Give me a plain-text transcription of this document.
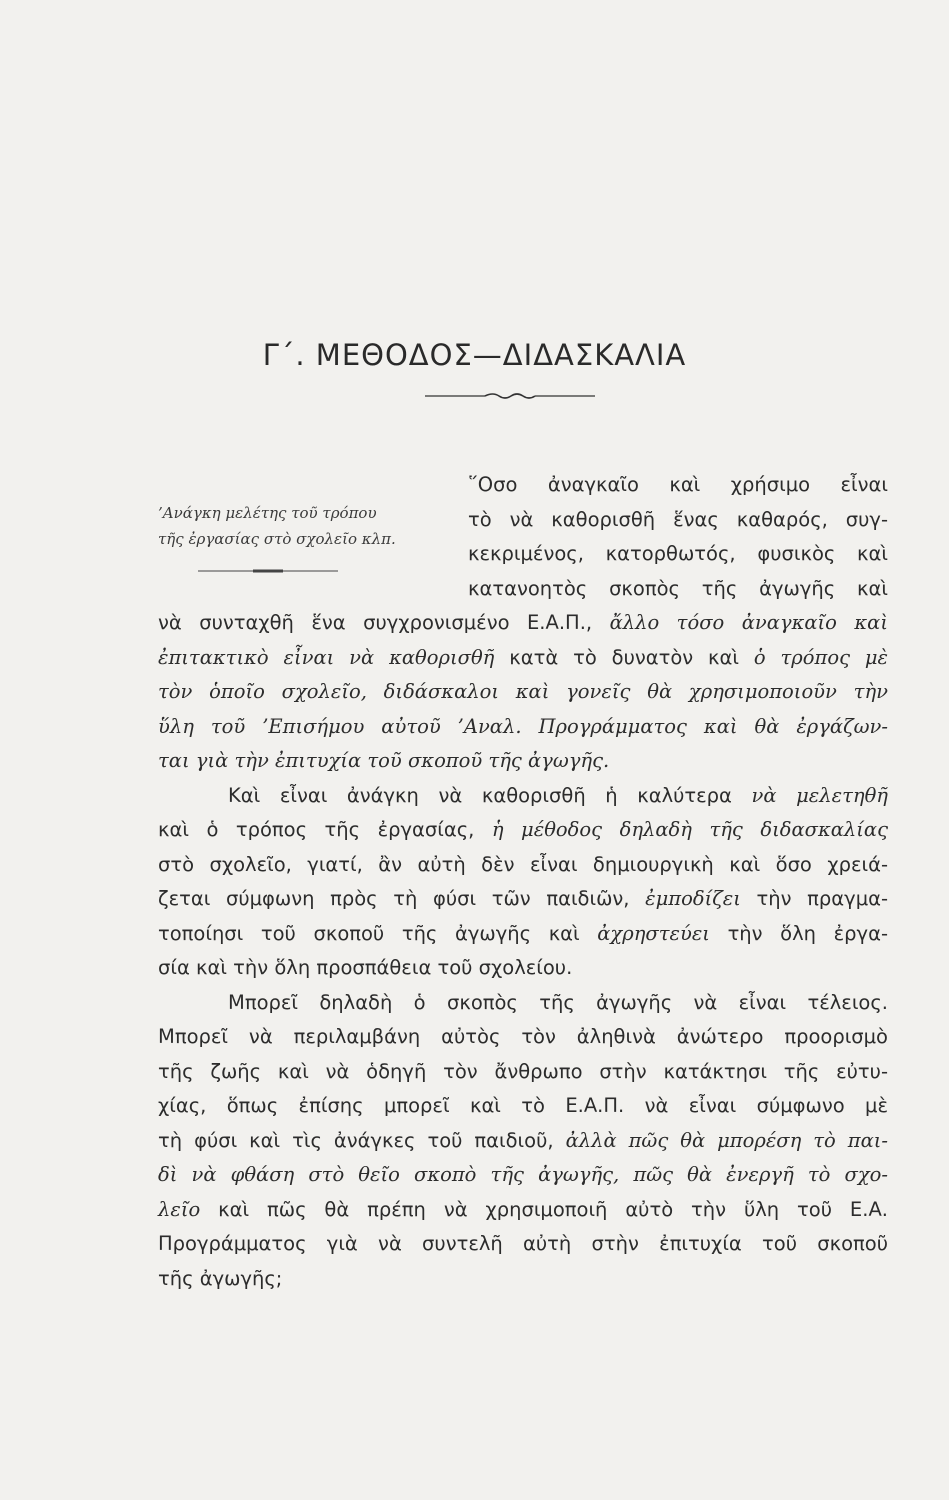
Γ΄. ΜΕΘΟΔΟΣ—ΔΙΔΑΣΚΑΛΙΑ
’Ανάγκη μελέτης τοῦ τρόπου
τῆς ἐργασίας στὸ σχολεῖο κλπ.
῞Οσο ἀναγκαῖο καὶ χρήσιμο εἶναι
τὸ νὰ καθορισθῆ ἕνας καθαρός, συγ-
κεκριμένος, κατορθωτός, φυσικὸς καὶ
κατανοητὸς σκοπὸς τῆς ἀγωγῆς καὶ
νὰ συνταχθῆ ἕνα συγχρονισμένο Ε.Α.Π., ἄλλο τόσο ἀναγκαῖο καὶ
ἐπιτακτικὸ εἶναι νὰ καθορισθῆ κατὰ τὸ δυνατὸν καὶ ὁ τρόπος μὲ
τὸν ὁποῖο σχολεῖο, διδάσκαλοι καὶ γονεῖς θὰ χρησιμοποιοῦν τὴν
ὕλη τοῦ ’Επισήμου αὐτοῦ ’Αναλ. Προγράμματος καὶ θὰ ἐργάζων-
ται γιὰ τὴν ἐπιτυχία τοῦ σκοποῦ τῆς ἀγωγῆς.
Καὶ εἶναι ἀνάγκη νὰ καθορισθῆ ἡ καλύτερα νὰ μελετηθῆ
καὶ ὁ τρόπος τῆς ἐργασίας, ἡ μέθοδος δηλαδὴ τῆς διδασκαλίας
στὸ σχολεῖο, γιατί, ἂν αὐτὴ δὲν εἶναι δημιουργικὴ καὶ ὅσο χρειά-
ζεται σύμφωνη πρὸς τὴ φύσι τῶν παιδιῶν, ἐμποδίζει τὴν πραγμα-
τοποίησι τοῦ σκοποῦ τῆς ἀγωγῆς καὶ ἀχρηστεύει τὴν ὅλη ἐργα-
σία καὶ τὴν ὅλη προσπάθεια τοῦ σχολείου.
Μπορεῖ δηλαδὴ ὁ σκοπὸς τῆς ἀγωγῆς νὰ εἶναι τέλειος.
Μπορεῖ νὰ περιλαμβάνη αὐτὸς τὸν ἀληθινὰ ἀνώτερο προορισμὸ
τῆς ζωῆς καὶ νὰ ὁδηγῆ τὸν ἄνθρωπο στὴν κατάκτησι τῆς εὐτυ-
χίας, ὅπως ἐπίσης μπορεῖ καὶ τὸ Ε.Α.Π. νὰ εἶναι σύμφωνο μὲ
τὴ φύσι καὶ τὶς ἀνάγκες τοῦ παιδιοῦ, ἀλλὰ πῶς θὰ μπορέση τὸ παι-
δὶ νὰ φθάση στὸ θεῖο σκοπὸ τῆς ἀγωγῆς, πῶς θὰ ἐνεργῆ τὸ σχο-
λεῖο καὶ πῶς θὰ πρέπη νὰ χρησιμοποιῆ αὐτὸ τὴν ὕλη τοῦ Ε.Α.
Προγράμματος γιὰ νὰ συντελῆ αὐτὴ στὴν ἐπιτυχία τοῦ σκοποῦ
τῆς ἀγωγῆς;
